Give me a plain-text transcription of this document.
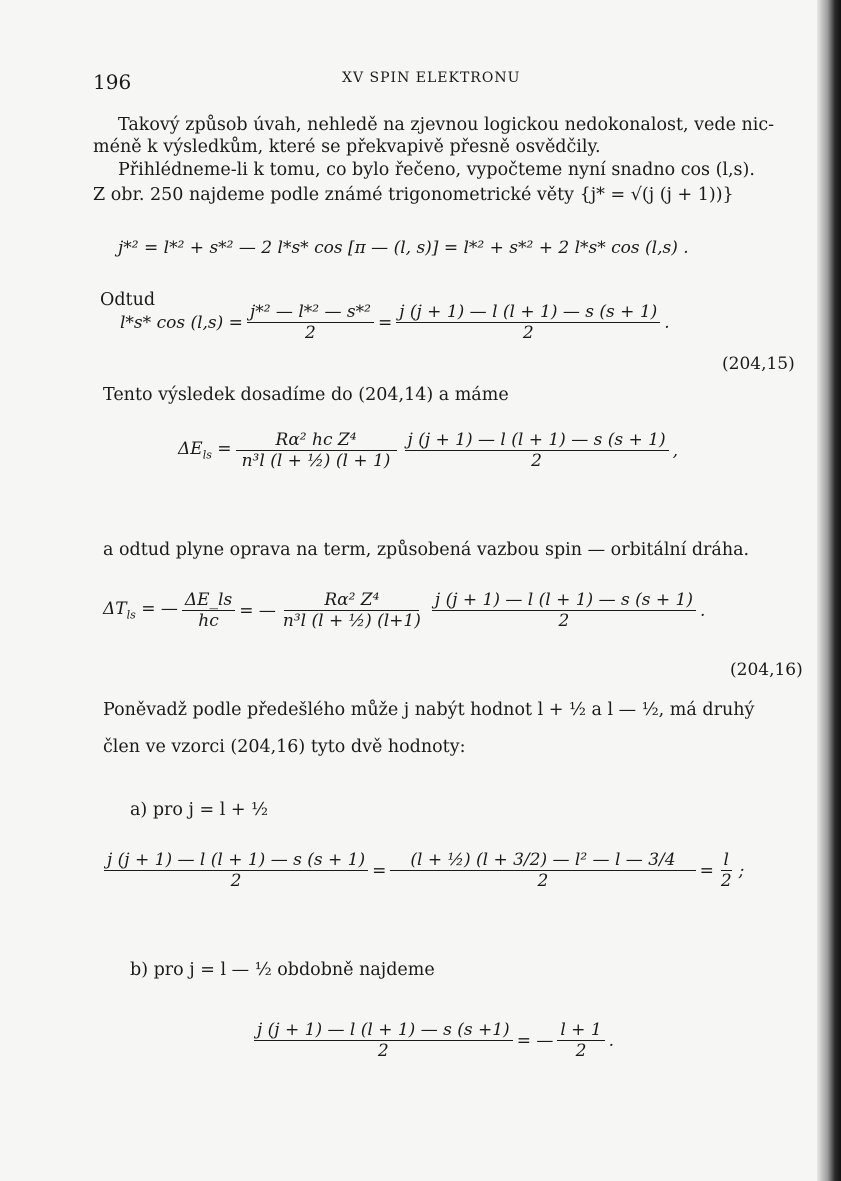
196	XV SPIN ELEKTRONU
Takový způsob úvah, nehledě na zjevnou logickou nedokonalost, vede nic-
méně k výsledkům, které se překvapivě přesně osvědčily.
Přihlédneme-li k tomu, co bylo řečeno, vypočteme nyní snadno cos (l,s).
Z obr. 250 najdeme podle známé trigonometrické věty {j* = √(j (j + 1))}
j*² = l*² + s*² — 2 l*s* cos [π — (l, s)] = l*² + s*² + 2 l*s* cos (l,s) .
Odtud
l*s* $\cos (l,s) = \frac{\text{j*² — l*² — s*²}}{2} = \frac{j (j + 1) — l (l + 1) — s (s + 1)}{2}$ .
(204,15)
Tento výsledek dosadíme do (204,14) a máme
$\Delta E_{ls} = \frac{\text{Rα² hc Z⁴}}{\text{n³l (l + ½) (l + 1)}} \frac{j (j + 1) — l (l + 1) — s (s + 1)}{2}$ ,
a odtud plyne oprava na term, způsobená vazbou spin — orbitální dráha.
$\Delta T_{ls}$ = — $\frac{\Delta E\_ls}{hc}$ = — $\frac{\text{Rα² Z⁴}}{\text{n³l (l + ½) (l+1)}} \frac{j (j + 1) — l (l + 1) — s (s + 1)}{2}$ .
(204,16)
Poněvadž podle předešlého může j nabýt hodnot l + ½ a l — ½, má druhý
člen ve vzorci (204,16) tyto dvě hodnoty:
a) pro j = l + ½
$\frac{j (j + 1) — l (l + 1) — s (s + 1)}{2} = \frac{\text{(l + ½) (l + 3/2) — l² — l — 3/4}}{2} = \frac{l}{2}$ ;
b) pro j = l — ½ obdobně najdeme
$\frac{j (j + 1) — l (l + 1) — s (s +1)}{2}$ = — $\frac{l + 1}{2}$ .
